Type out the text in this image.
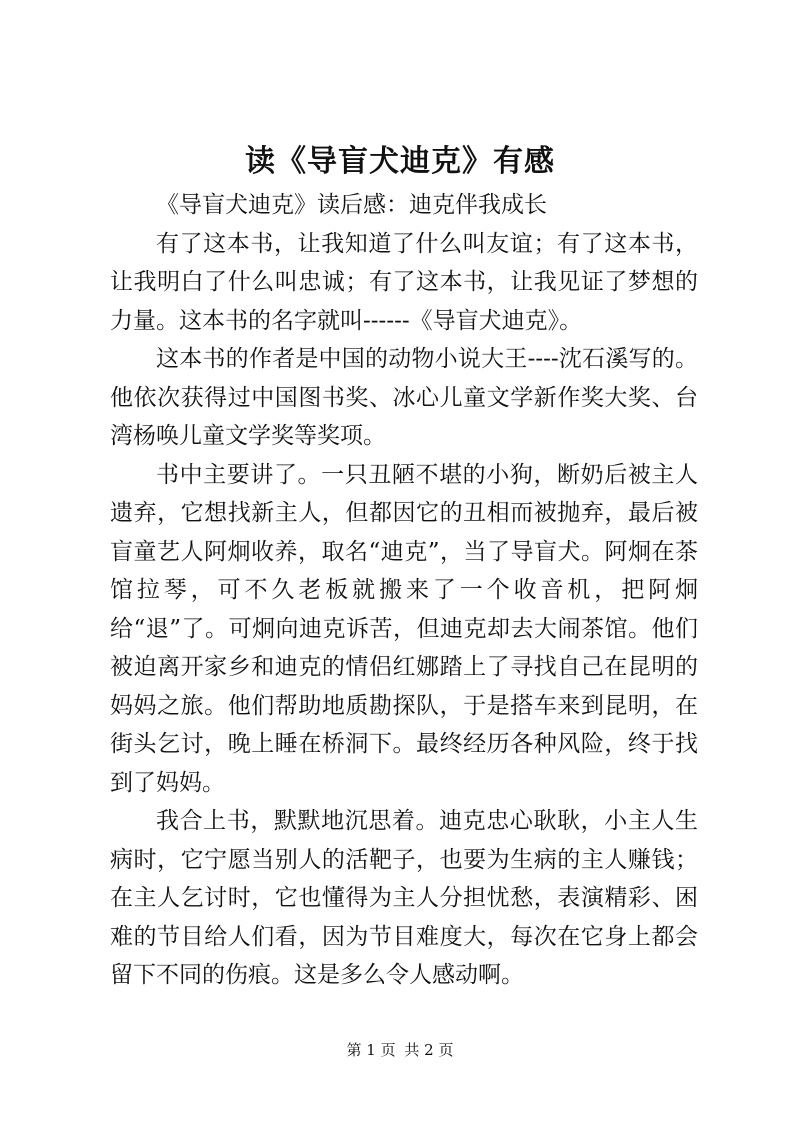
读《导盲犬迪克》有感

《导盲犬迪克》读后感：迪克伴我成长

有了这本书，让我知道了什么叫友谊；有了这本书，让我明白了什么叫忠诚；有了这本书，让我见证了梦想的力量。这本书的名字就叫------《导盲犬迪克》。

这本书的作者是中国的动物小说大王----沈石溪写的。他依次获得过中国图书奖、冰心儿童文学新作奖大奖、台湾杨唤儿童文学奖等奖项。

书中主要讲了。一只丑陋不堪的小狗，断奶后被主人遗弃，它想找新主人，但都因它的丑相而被抛弃，最后被盲童艺人阿炯收养，取名“迪克”，当了导盲犬。阿炯在茶馆拉琴，可不久老板就搬来了一个收音机，把阿炯给“退”了。可炯向迪克诉苦，但迪克却去大闹茶馆。他们被迫离开家乡和迪克的情侣红娜踏上了寻找自己在昆明的妈妈之旅。他们帮助地质勘探队，于是搭车来到昆明，在街头乞讨，晚上睡在桥洞下。最终经历各种风险，终于找到了妈妈。

我合上书，默默地沉思着。迪克忠心耿耿，小主人生病时，它宁愿当别人的活靶子，也要为生病的主人赚钱；在主人乞讨时，它也懂得为主人分担忧愁，表演精彩、困难的节目给人们看，因为节目难度大，每次在它身上都会留下不同的伤痕。这是多么令人感动啊。

第 1 页 共 2 页
